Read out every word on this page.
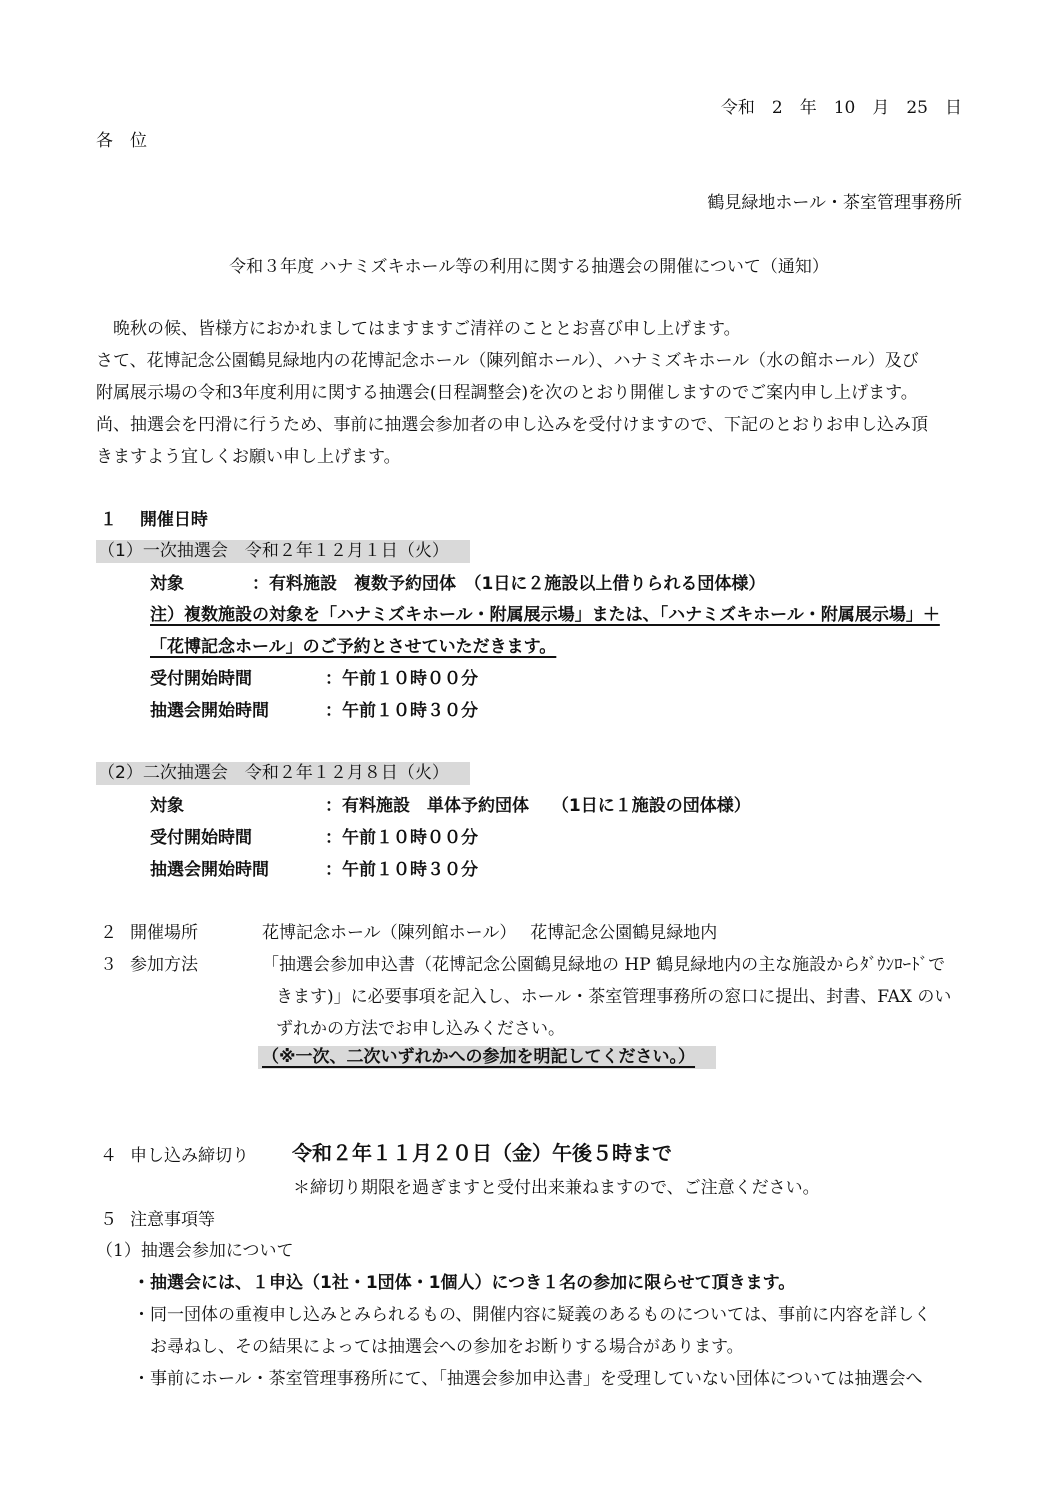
令和　2　年　10　月　25　日
各　位
鶴見緑地ホール・茶室管理事務所
令和３年度 ハナミズキホール等の利用に関する抽選会の開催について（通知）
晩秋の候、皆様方におかれましてはますますご清祥のこととお喜び申し上げます。
さて、花博記念公園鶴見緑地内の花博記念ホール（陳列館ホール）、ハナミズキホール（水の館ホール）及び
附属展示場の令和3年度利用に関する抽選会(日程調整会)を次のとおり開催しますのでご案内申し上げます。
尚、抽選会を円滑に行うため、事前に抽選会参加者の申し込みを受付けますので、下記のとおりお申し込み頂
きますよう宜しくお願い申し上げます。
１　 開催日時
（1）一次抽選会　令和２年１２月１日（火）
対象	：有料施設　複数予約団体　（1日に２施設以上借りられる団体様）
注）複数施設の対象を「ハナミズキホール・附属展示場」または、「ハナミズキホール・附属展示場」＋
「花博記念ホール」のご予約とさせていただきます。
受付開始時間	：午前１０時００分
抽選会開始時間	：午前１０時３０分
（2）二次抽選会　令和２年１２月８日（火）
対象	：有料施設　単体予約団体　 （1日に１施設の団体様）
受付開始時間	：午前１０時００分
抽選会開始時間	：午前１０時３０分
２ 開催場所	花博記念ホール（陳列館ホール）　 花博記念公園鶴見緑地内
３ 参加方法	「抽選会参加申込書（花博記念公園鶴見緑地の HP 鶴見緑地内の主な施設からﾀﾞｳﾝﾛｰﾄﾞで
きます)」に必要事項を記入し、ホール・茶室管理事務所の窓口に提出、封書、FAX のい
ずれかの方法でお申し込みください。
（※一次、二次いずれかへの参加を明記してください。）
４ 申し込み締切り 令和２年１１月２０日（金）午後５時まで
＊締切り期限を過ぎますと受付出来兼ねますので、ご注意ください。
５ 注意事項等
（1）抽選会参加について
・抽選会には、１申込（1社・1団体・1個人）につき１名の参加に限らせて頂きます。
・同一団体の重複申し込みとみられるもの、開催内容に疑義のあるものについては、事前に内容を詳しく
お尋ねし、その結果によっては抽選会への参加をお断りする場合があります。
・事前にホール・茶室管理事務所にて、「抽選会参加申込書」を受理していない団体については抽選会へ
